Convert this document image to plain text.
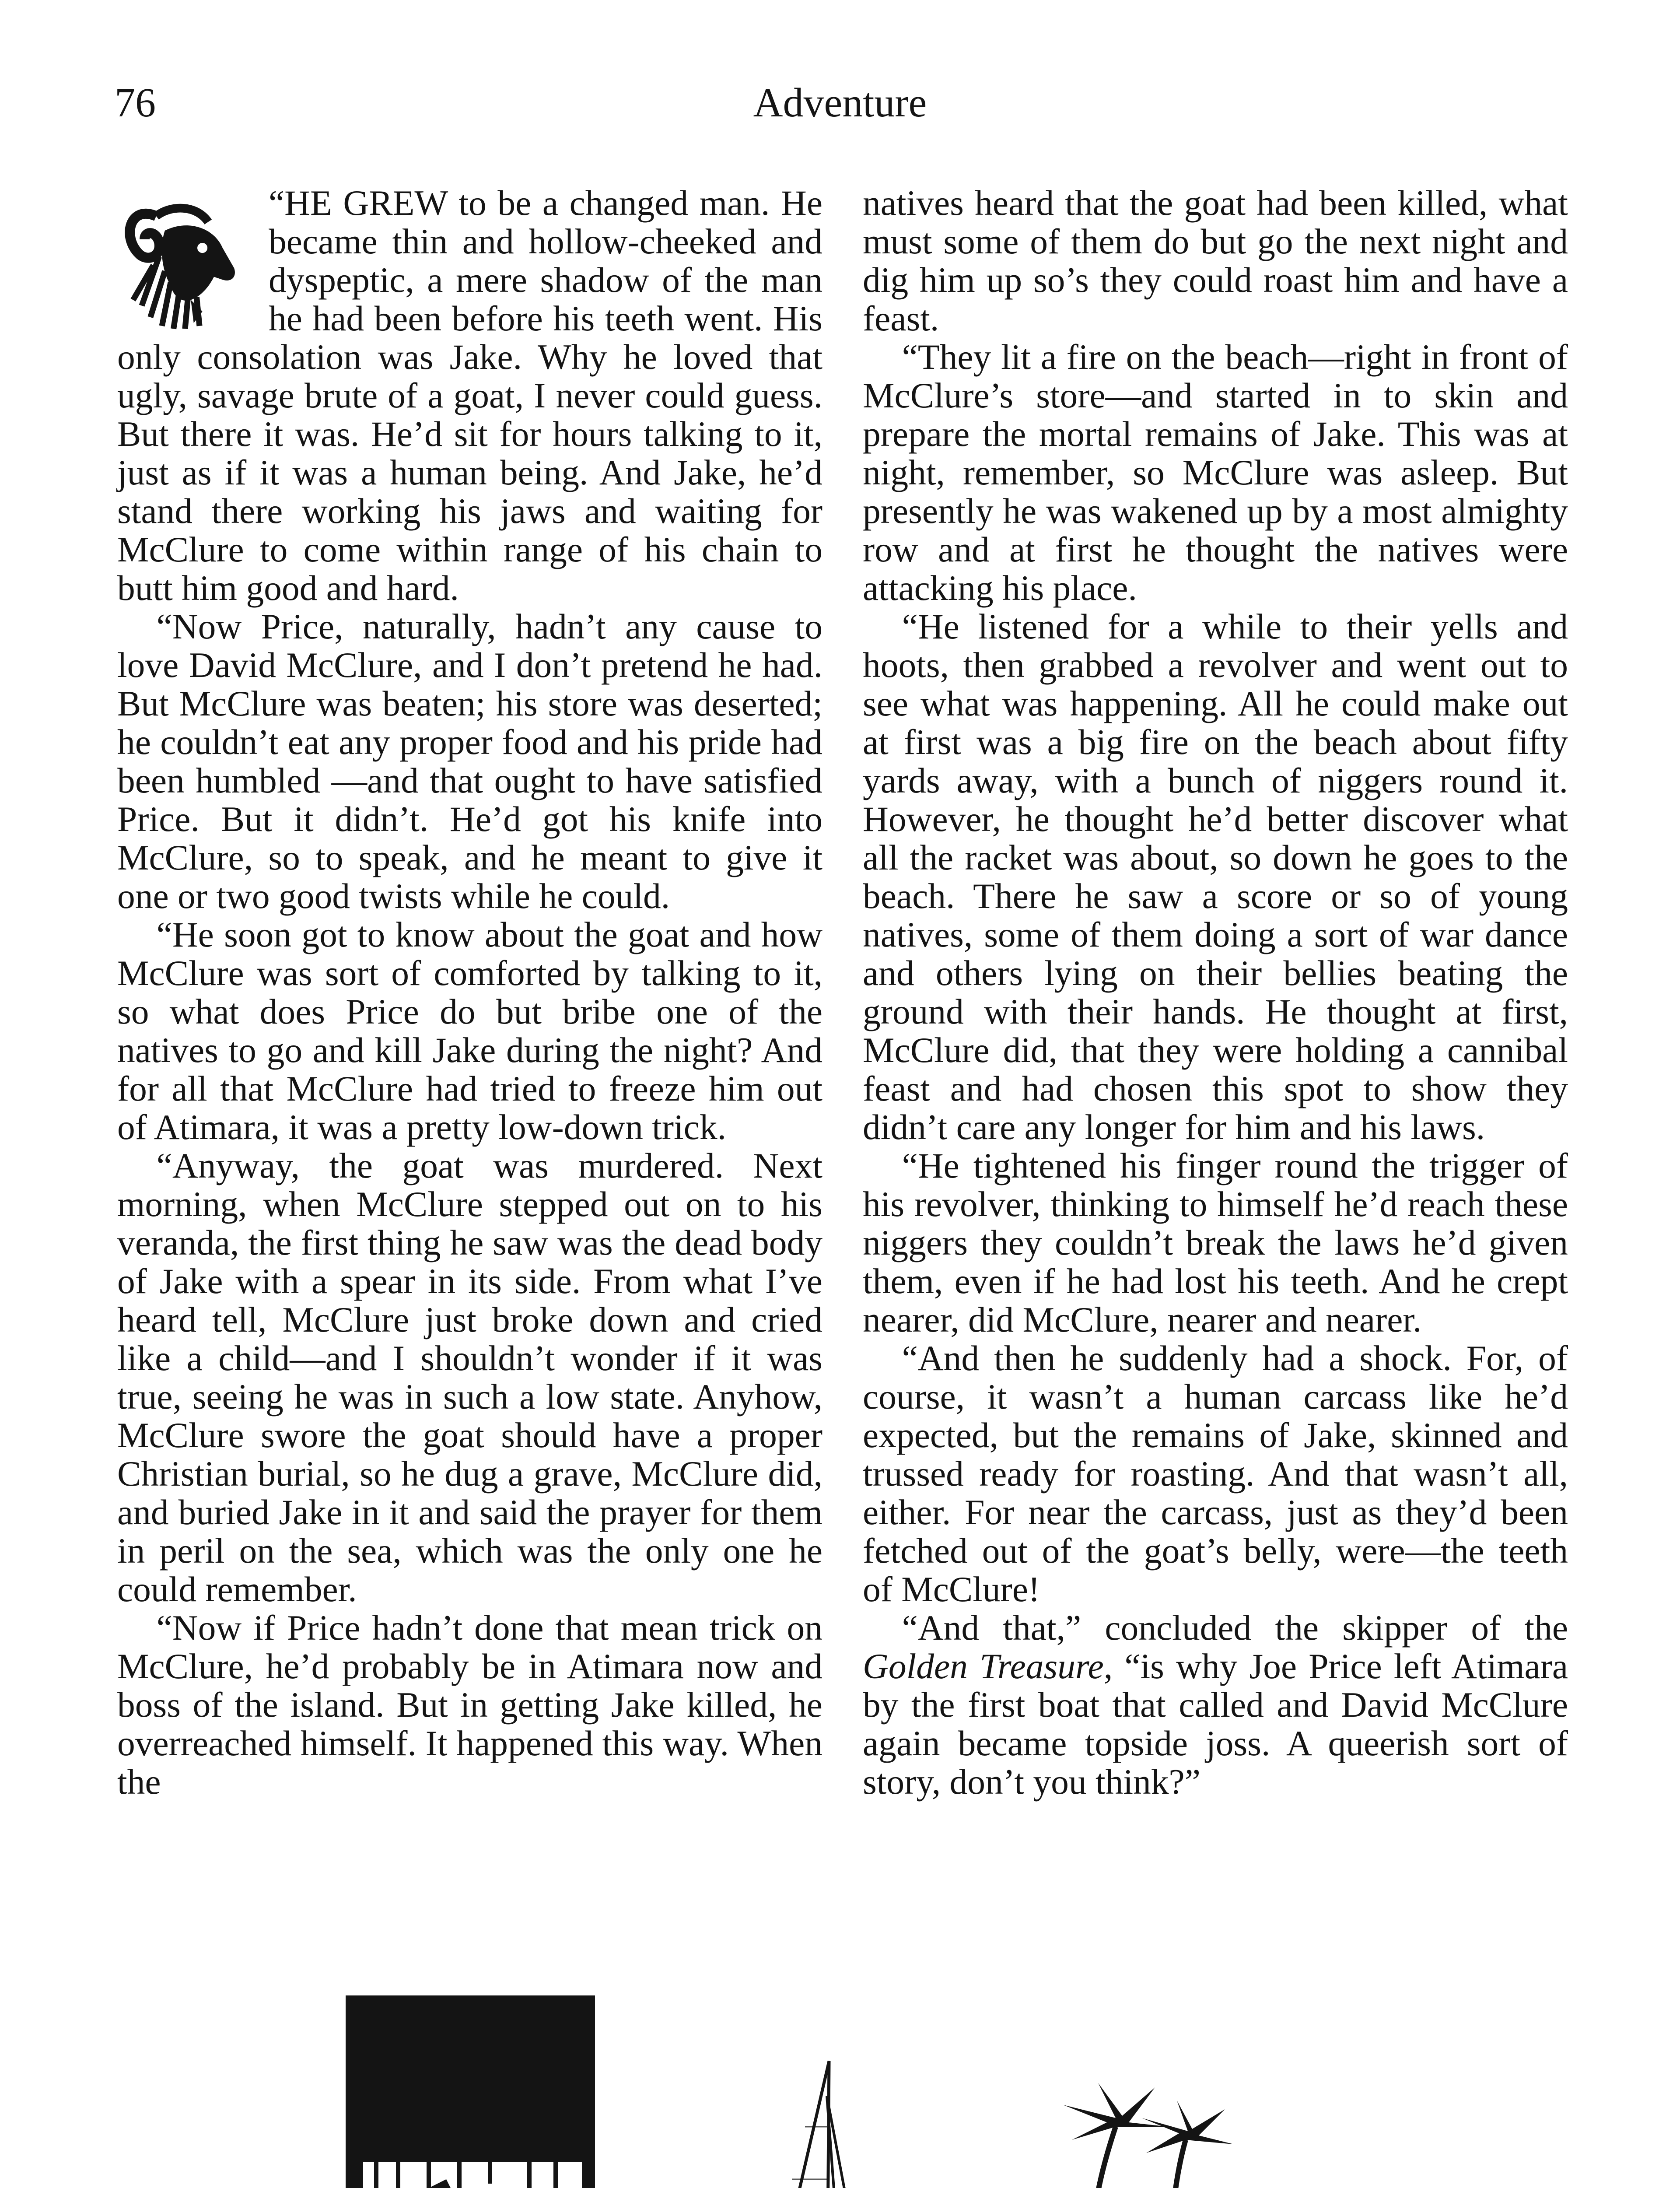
76	Adventure

“HE GREW to be a changed man. He became thin and hollow-cheeked and dyspeptic, a mere shadow of the man he had been before his teeth went. His only consolation was Jake. Why he loved that ugly, savage brute of a goat, I never could guess. But there it was. He’d sit for hours talking to it, just as if it was a human being. And Jake, he’d stand there working his jaws and waiting for McClure to come within range of his chain to butt him good and hard.

“Now Price, naturally, hadn’t any cause to love David McClure, and I don’t pretend he had. But McClure was beaten; his store was deserted; he couldn’t eat any proper food and his pride had been humbled —and that ought to have satisfied Price. But it didn’t. He’d got his knife into McClure, so to speak, and he meant to give it one or two good twists while he could.

“He soon got to know about the goat and how McClure was sort of comforted by talking to it, so what does Price do but bribe one of the natives to go and kill Jake during the night? And for all that McClure had tried to freeze him out of Atimara, it was a pretty low-down trick.

“Anyway, the goat was murdered. Next morning, when McClure stepped out on to his veranda, the first thing he saw was the dead body of Jake with a spear in its side. From what I’ve heard tell, McClure just broke down and cried like a child—and I shouldn’t wonder if it was true, seeing he was in such a low state. Anyhow, McClure swore the goat should have a proper Christian burial, so he dug a grave, McClure did, and buried Jake in it and said the prayer for them in peril on the sea, which was the only one he could remember.

“Now if Price hadn’t done that mean trick on McClure, he’d probably be in Atimara now and boss of the island. But in getting Jake killed, he overreached himself. It happened this way. When the

natives heard that the goat had been killed, what must some of them do but go the next night and dig him up so’s they could roast him and have a feast.

“They lit a fire on the beach—right in front of McClure’s store—and started in to skin and prepare the mortal remains of Jake. This was at night, remember, so McClure was asleep. But presently he was wakened up by a most almighty row and at first he thought the natives were attacking his place.

“He listened for a while to their yells and hoots, then grabbed a revolver and went out to see what was happening. All he could make out at first was a big fire on the beach about fifty yards away, with a bunch of niggers round it. However, he thought he’d better discover what all the racket was about, so down he goes to the beach. There he saw a score or so of young natives, some of them doing a sort of war dance and others lying on their bellies beating the ground with their hands. He thought at first, McClure did, that they were holding a cannibal feast and had chosen this spot to show they didn’t care any longer for him and his laws.

“He tightened his finger round the trigger of his revolver, thinking to himself he’d reach these niggers they couldn’t break the laws he’d given them, even if he had lost his teeth. And he crept nearer, did McClure, nearer and nearer.

“And then he suddenly had a shock. For, of course, it wasn’t a human carcass like he’d expected, but the remains of Jake, skinned and trussed ready for roasting. And that wasn’t all, either. For near the carcass, just as they’d been fetched out of the goat’s belly, were—the teeth of McClure!

“And that,” concluded the skipper of the Golden Treasure, “is why Joe Price left Atimara by the first boat that called and David McClure again became topside joss. A queerish sort of story, don’t you think?”
